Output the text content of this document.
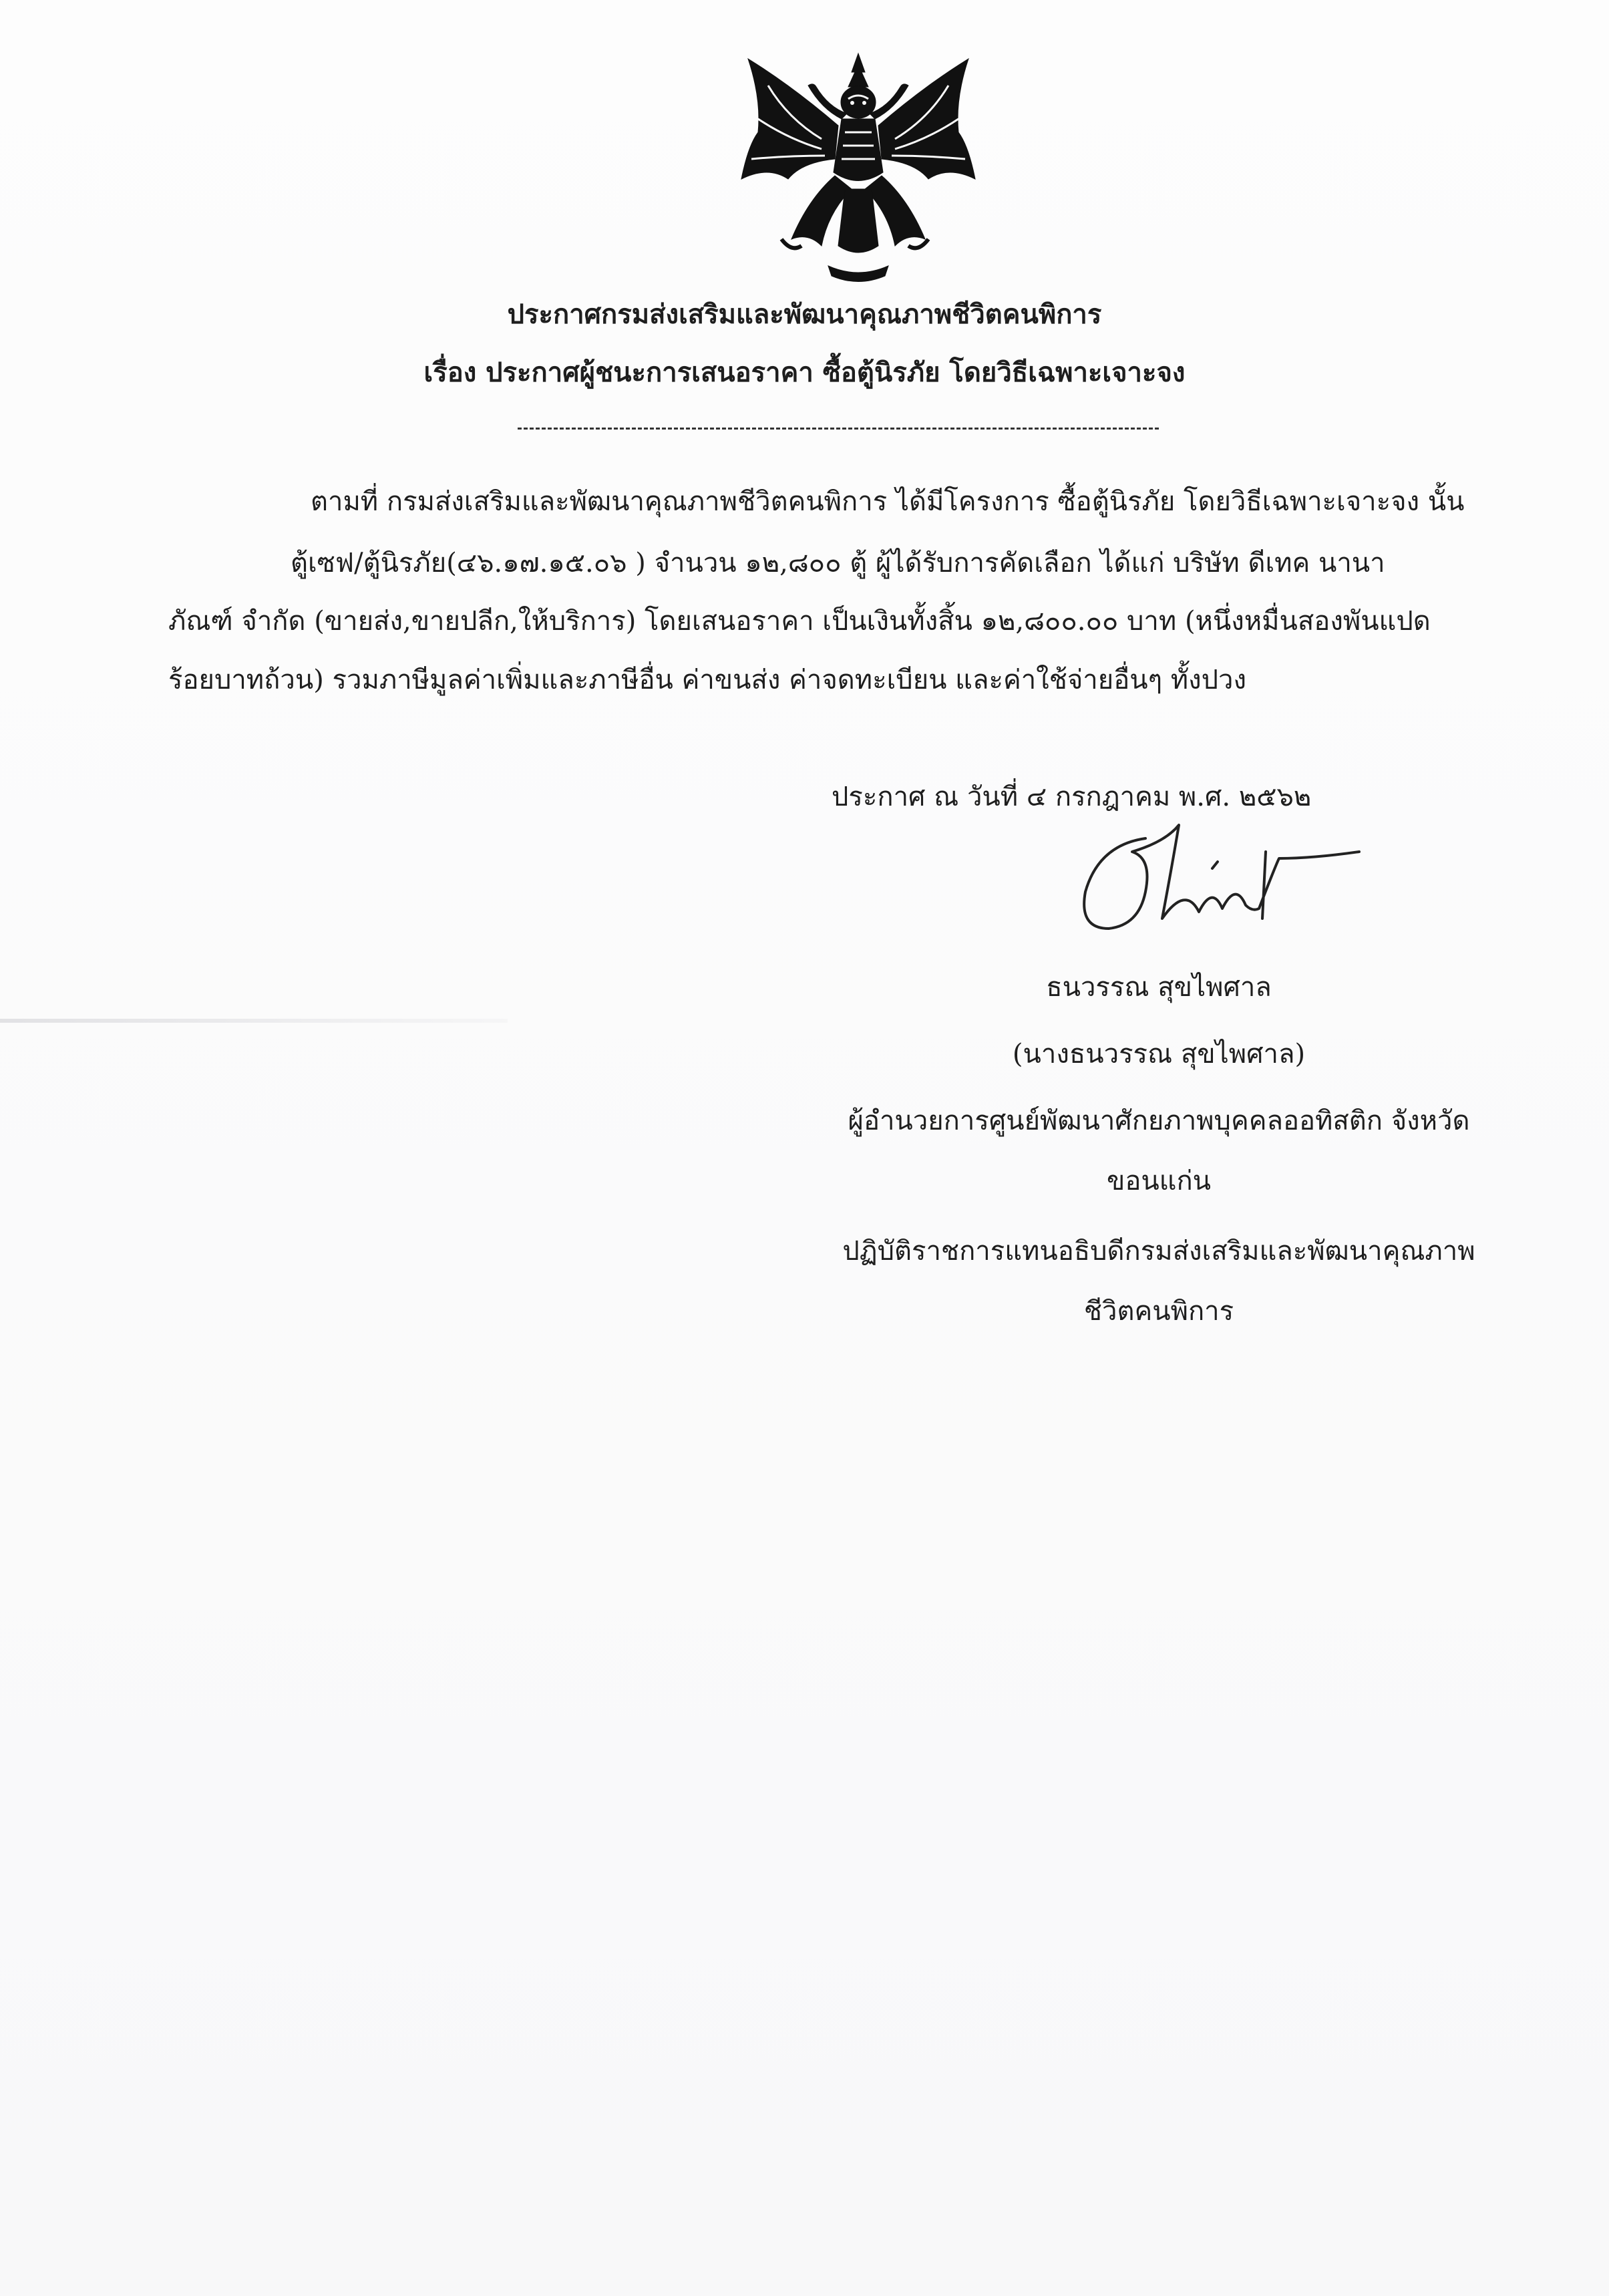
ประกาศกรมส่งเสริมและพัฒนาคุณภาพชีวิตคนพิการ
เรื่อง ประกาศผู้ชนะการเสนอราคา ซื้อตู้นิรภัย โดยวิธีเฉพาะเจาะจง
ตามที่ กรมส่งเสริมและพัฒนาคุณภาพชีวิตคนพิการ ได้มีโครงการ ซื้อตู้นิรภัย โดยวิธีเฉพาะเจาะจง นั้น
ตู้เซฟ/ตู้นิรภัย(๔๖.๑๗.๑๕.๐๖ ) จำนวน ๑๒,๘๐๐ ตู้ ผู้ได้รับการคัดเลือก ได้แก่ บริษัท ดีเทค นานา
ภัณฑ์ จำกัด (ขายส่ง,ขายปลีก,ให้บริการ) โดยเสนอราคา เป็นเงินทั้งสิ้น ๑๒,๘๐๐.๐๐ บาท (หนึ่งหมื่นสองพันแปด
ร้อยบาทถ้วน) รวมภาษีมูลค่าเพิ่มและภาษีอื่น ค่าขนส่ง ค่าจดทะเบียน และค่าใช้จ่ายอื่นๆ ทั้งปวง
ประกาศ ณ วันที่ ๔ กรกฎาคม พ.ศ. ๒๕๖๒
ธนวรรณ สุขไพศาล
(นางธนวรรณ สุขไพศาล)
ผู้อำนวยการศูนย์พัฒนาศักยภาพบุคคลออทิสติก จังหวัด
ขอนแก่น
ปฏิบัติราชการแทนอธิบดีกรมส่งเสริมและพัฒนาคุณภาพ
ชีวิตคนพิการ
